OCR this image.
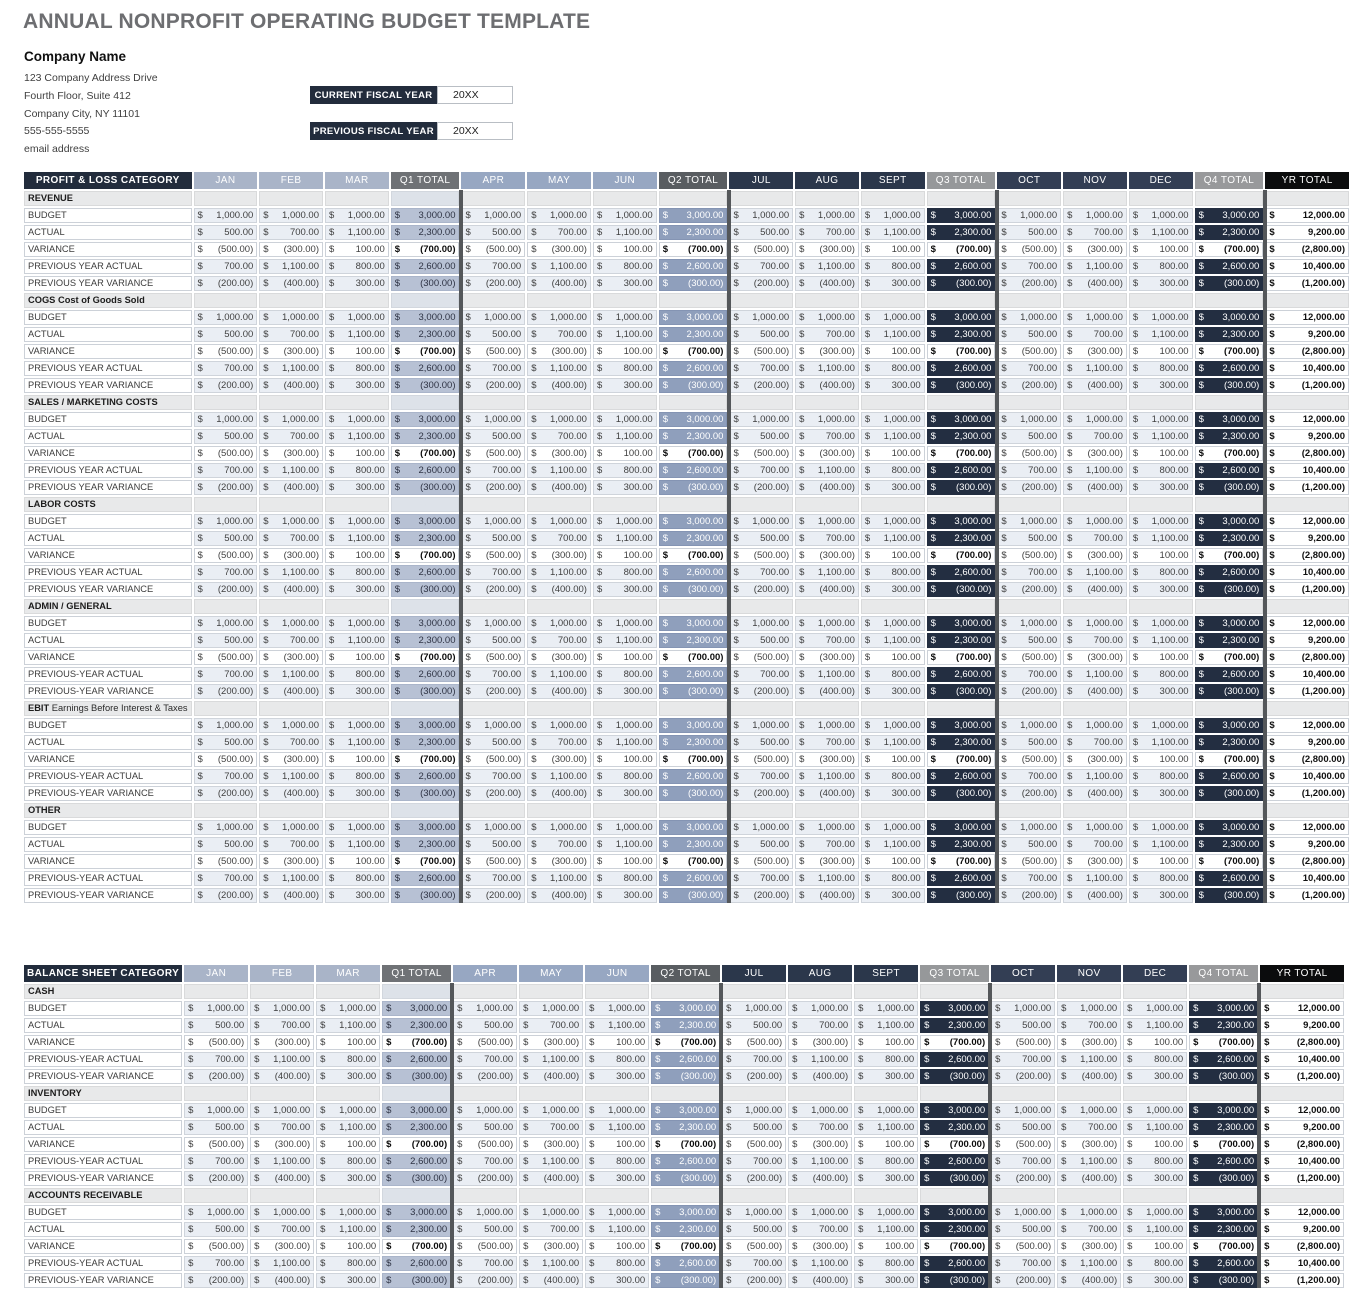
ANNUAL NONPROFIT OPERATING BUDGET TEMPLATE
Company Name
123 Company Address Drive
Fourth Floor, Suite 412
Company City, NY 11101
555-555-5555
email address
CURRENT FISCAL YEAR	20XX
PREVIOUS FISCAL YEAR	20XX
PROFIT & LOSS CATEGORY	JAN	FEB	MAR	Q1 TOTAL	APR	MAY	JUN	Q2 TOTAL	JUL	AUG	SEPT	Q3 TOTAL	OCT	NOV	DEC	Q4 TOTAL	YR TOTAL
REVENUE																	
BUDGET	$ 1,000.00	$ 1,000.00	$ 1,000.00	$ 3,000.00	$ 1,000.00	$ 1,000.00	$ 1,000.00	$ 3,000.00	$ 1,000.00	$ 1,000.00	$ 1,000.00	$ 3,000.00	$ 1,000.00	$ 1,000.00	$ 1,000.00	$ 3,000.00	$ 12,000.00

ACTUAL	$ 500.00	$ 700.00	$ 1,100.00	$ 2,300.00	$ 500.00	$ 700.00	$ 1,100.00	$ 2,300.00	$ 500.00	$ 700.00	$ 1,100.00	$ 2,300.00	$ 500.00	$ 700.00	$ 1,100.00	$ 2,300.00	$ 9,200.00

VARIANCE	$ (500.00)	$ (300.00)	$ 100.00	$ (700.00)	$ (500.00)	$ (300.00)	$ 100.00	$ (700.00)	$ (500.00)	$ (300.00)	$ 100.00	$ (700.00)	$ (500.00)	$ (300.00)	$ 100.00	$ (700.00)	$ (2,800.00)

PREVIOUS YEAR ACTUAL	$ 700.00	$ 1,100.00	$ 800.00	$ 2,600.00	$ 700.00	$ 1,100.00	$ 800.00	$ 2,600.00	$ 700.00	$ 1,100.00	$ 800.00	$ 2,600.00	$ 700.00	$ 1,100.00	$ 800.00	$ 2,600.00	$ 10,400.00

PREVIOUS YEAR VARIANCE	$ (200.00)	$ (400.00)	$ 300.00	$ (300.00)	$ (200.00)	$ (400.00)	$ 300.00	$ (300.00)	$ (200.00)	$ (400.00)	$ 300.00	$ (300.00)	$ (200.00)	$ (400.00)	$ 300.00	$ (300.00)	$ (1,200.00)

COGS Cost of Goods Sold																	
BUDGET	$ 1,000.00	$ 1,000.00	$ 1,000.00	$ 3,000.00	$ 1,000.00	$ 1,000.00	$ 1,000.00	$ 3,000.00	$ 1,000.00	$ 1,000.00	$ 1,000.00	$ 3,000.00	$ 1,000.00	$ 1,000.00	$ 1,000.00	$ 3,000.00	$ 12,000.00

ACTUAL	$ 500.00	$ 700.00	$ 1,100.00	$ 2,300.00	$ 500.00	$ 700.00	$ 1,100.00	$ 2,300.00	$ 500.00	$ 700.00	$ 1,100.00	$ 2,300.00	$ 500.00	$ 700.00	$ 1,100.00	$ 2,300.00	$ 9,200.00

VARIANCE	$ (500.00)	$ (300.00)	$ 100.00	$ (700.00)	$ (500.00)	$ (300.00)	$ 100.00	$ (700.00)	$ (500.00)	$ (300.00)	$ 100.00	$ (700.00)	$ (500.00)	$ (300.00)	$ 100.00	$ (700.00)	$ (2,800.00)

PREVIOUS YEAR ACTUAL	$ 700.00	$ 1,100.00	$ 800.00	$ 2,600.00	$ 700.00	$ 1,100.00	$ 800.00	$ 2,600.00	$ 700.00	$ 1,100.00	$ 800.00	$ 2,600.00	$ 700.00	$ 1,100.00	$ 800.00	$ 2,600.00	$ 10,400.00

PREVIOUS YEAR VARIANCE	$ (200.00)	$ (400.00)	$ 300.00	$ (300.00)	$ (200.00)	$ (400.00)	$ 300.00	$ (300.00)	$ (200.00)	$ (400.00)	$ 300.00	$ (300.00)	$ (200.00)	$ (400.00)	$ 300.00	$ (300.00)	$ (1,200.00)

SALES / MARKETING COSTS																	
BUDGET	$ 1,000.00	$ 1,000.00	$ 1,000.00	$ 3,000.00	$ 1,000.00	$ 1,000.00	$ 1,000.00	$ 3,000.00	$ 1,000.00	$ 1,000.00	$ 1,000.00	$ 3,000.00	$ 1,000.00	$ 1,000.00	$ 1,000.00	$ 3,000.00	$ 12,000.00

ACTUAL	$ 500.00	$ 700.00	$ 1,100.00	$ 2,300.00	$ 500.00	$ 700.00	$ 1,100.00	$ 2,300.00	$ 500.00	$ 700.00	$ 1,100.00	$ 2,300.00	$ 500.00	$ 700.00	$ 1,100.00	$ 2,300.00	$ 9,200.00

VARIANCE	$ (500.00)	$ (300.00)	$ 100.00	$ (700.00)	$ (500.00)	$ (300.00)	$ 100.00	$ (700.00)	$ (500.00)	$ (300.00)	$ 100.00	$ (700.00)	$ (500.00)	$ (300.00)	$ 100.00	$ (700.00)	$ (2,800.00)

PREVIOUS YEAR ACTUAL	$ 700.00	$ 1,100.00	$ 800.00	$ 2,600.00	$ 700.00	$ 1,100.00	$ 800.00	$ 2,600.00	$ 700.00	$ 1,100.00	$ 800.00	$ 2,600.00	$ 700.00	$ 1,100.00	$ 800.00	$ 2,600.00	$ 10,400.00

PREVIOUS YEAR VARIANCE	$ (200.00)	$ (400.00)	$ 300.00	$ (300.00)	$ (200.00)	$ (400.00)	$ 300.00	$ (300.00)	$ (200.00)	$ (400.00)	$ 300.00	$ (300.00)	$ (200.00)	$ (400.00)	$ 300.00	$ (300.00)	$ (1,200.00)

LABOR COSTS																	
BUDGET	$ 1,000.00	$ 1,000.00	$ 1,000.00	$ 3,000.00	$ 1,000.00	$ 1,000.00	$ 1,000.00	$ 3,000.00	$ 1,000.00	$ 1,000.00	$ 1,000.00	$ 3,000.00	$ 1,000.00	$ 1,000.00	$ 1,000.00	$ 3,000.00	$ 12,000.00

ACTUAL	$ 500.00	$ 700.00	$ 1,100.00	$ 2,300.00	$ 500.00	$ 700.00	$ 1,100.00	$ 2,300.00	$ 500.00	$ 700.00	$ 1,100.00	$ 2,300.00	$ 500.00	$ 700.00	$ 1,100.00	$ 2,300.00	$ 9,200.00

VARIANCE	$ (500.00)	$ (300.00)	$ 100.00	$ (700.00)	$ (500.00)	$ (300.00)	$ 100.00	$ (700.00)	$ (500.00)	$ (300.00)	$ 100.00	$ (700.00)	$ (500.00)	$ (300.00)	$ 100.00	$ (700.00)	$ (2,800.00)

PREVIOUS YEAR ACTUAL	$ 700.00	$ 1,100.00	$ 800.00	$ 2,600.00	$ 700.00	$ 1,100.00	$ 800.00	$ 2,600.00	$ 700.00	$ 1,100.00	$ 800.00	$ 2,600.00	$ 700.00	$ 1,100.00	$ 800.00	$ 2,600.00	$ 10,400.00

PREVIOUS YEAR VARIANCE	$ (200.00)	$ (400.00)	$ 300.00	$ (300.00)	$ (200.00)	$ (400.00)	$ 300.00	$ (300.00)	$ (200.00)	$ (400.00)	$ 300.00	$ (300.00)	$ (200.00)	$ (400.00)	$ 300.00	$ (300.00)	$ (1,200.00)

ADMIN / GENERAL																	
BUDGET	$ 1,000.00	$ 1,000.00	$ 1,000.00	$ 3,000.00	$ 1,000.00	$ 1,000.00	$ 1,000.00	$ 3,000.00	$ 1,000.00	$ 1,000.00	$ 1,000.00	$ 3,000.00	$ 1,000.00	$ 1,000.00	$ 1,000.00	$ 3,000.00	$ 12,000.00

ACTUAL	$ 500.00	$ 700.00	$ 1,100.00	$ 2,300.00	$ 500.00	$ 700.00	$ 1,100.00	$ 2,300.00	$ 500.00	$ 700.00	$ 1,100.00	$ 2,300.00	$ 500.00	$ 700.00	$ 1,100.00	$ 2,300.00	$ 9,200.00

VARIANCE	$ (500.00)	$ (300.00)	$ 100.00	$ (700.00)	$ (500.00)	$ (300.00)	$ 100.00	$ (700.00)	$ (500.00)	$ (300.00)	$ 100.00	$ (700.00)	$ (500.00)	$ (300.00)	$ 100.00	$ (700.00)	$ (2,800.00)

PREVIOUS-YEAR ACTUAL	$ 700.00	$ 1,100.00	$ 800.00	$ 2,600.00	$ 700.00	$ 1,100.00	$ 800.00	$ 2,600.00	$ 700.00	$ 1,100.00	$ 800.00	$ 2,600.00	$ 700.00	$ 1,100.00	$ 800.00	$ 2,600.00	$ 10,400.00

PREVIOUS-YEAR VARIANCE	$ (200.00)	$ (400.00)	$ 300.00	$ (300.00)	$ (200.00)	$ (400.00)	$ 300.00	$ (300.00)	$ (200.00)	$ (400.00)	$ 300.00	$ (300.00)	$ (200.00)	$ (400.00)	$ 300.00	$ (300.00)	$ (1,200.00)

EBIT Earnings Before Interest & Taxes																	
BUDGET	$ 1,000.00	$ 1,000.00	$ 1,000.00	$ 3,000.00	$ 1,000.00	$ 1,000.00	$ 1,000.00	$ 3,000.00	$ 1,000.00	$ 1,000.00	$ 1,000.00	$ 3,000.00	$ 1,000.00	$ 1,000.00	$ 1,000.00	$ 3,000.00	$ 12,000.00

ACTUAL	$ 500.00	$ 700.00	$ 1,100.00	$ 2,300.00	$ 500.00	$ 700.00	$ 1,100.00	$ 2,300.00	$ 500.00	$ 700.00	$ 1,100.00	$ 2,300.00	$ 500.00	$ 700.00	$ 1,100.00	$ 2,300.00	$ 9,200.00

VARIANCE	$ (500.00)	$ (300.00)	$ 100.00	$ (700.00)	$ (500.00)	$ (300.00)	$ 100.00	$ (700.00)	$ (500.00)	$ (300.00)	$ 100.00	$ (700.00)	$ (500.00)	$ (300.00)	$ 100.00	$ (700.00)	$ (2,800.00)

PREVIOUS-YEAR ACTUAL	$ 700.00	$ 1,100.00	$ 800.00	$ 2,600.00	$ 700.00	$ 1,100.00	$ 800.00	$ 2,600.00	$ 700.00	$ 1,100.00	$ 800.00	$ 2,600.00	$ 700.00	$ 1,100.00	$ 800.00	$ 2,600.00	$ 10,400.00

PREVIOUS-YEAR VARIANCE	$ (200.00)	$ (400.00)	$ 300.00	$ (300.00)	$ (200.00)	$ (400.00)	$ 300.00	$ (300.00)	$ (200.00)	$ (400.00)	$ 300.00	$ (300.00)	$ (200.00)	$ (400.00)	$ 300.00	$ (300.00)	$ (1,200.00)

OTHER																	
BUDGET	$ 1,000.00	$ 1,000.00	$ 1,000.00	$ 3,000.00	$ 1,000.00	$ 1,000.00	$ 1,000.00	$ 3,000.00	$ 1,000.00	$ 1,000.00	$ 1,000.00	$ 3,000.00	$ 1,000.00	$ 1,000.00	$ 1,000.00	$ 3,000.00	$ 12,000.00

ACTUAL	$ 500.00	$ 700.00	$ 1,100.00	$ 2,300.00	$ 500.00	$ 700.00	$ 1,100.00	$ 2,300.00	$ 500.00	$ 700.00	$ 1,100.00	$ 2,300.00	$ 500.00	$ 700.00	$ 1,100.00	$ 2,300.00	$ 9,200.00

VARIANCE	$ (500.00)	$ (300.00)	$ 100.00	$ (700.00)	$ (500.00)	$ (300.00)	$ 100.00	$ (700.00)	$ (500.00)	$ (300.00)	$ 100.00	$ (700.00)	$ (500.00)	$ (300.00)	$ 100.00	$ (700.00)	$ (2,800.00)

PREVIOUS-YEAR ACTUAL	$ 700.00	$ 1,100.00	$ 800.00	$ 2,600.00	$ 700.00	$ 1,100.00	$ 800.00	$ 2,600.00	$ 700.00	$ 1,100.00	$ 800.00	$ 2,600.00	$ 700.00	$ 1,100.00	$ 800.00	$ 2,600.00	$ 10,400.00

PREVIOUS-YEAR VARIANCE	$ (200.00)	$ (400.00)	$ 300.00	$ (300.00)	$ (200.00)	$ (400.00)	$ 300.00	$ (300.00)	$ (200.00)	$ (400.00)	$ 300.00	$ (300.00)	$ (200.00)	$ (400.00)	$ 300.00	$ (300.00)	$ (1,200.00)
BALANCE SHEET CATEGORY	JAN	FEB	MAR	Q1 TOTAL	APR	MAY	JUN	Q2 TOTAL	JUL	AUG	SEPT	Q3 TOTAL	OCT	NOV	DEC	Q4 TOTAL	YR TOTAL
CASH																	
BUDGET	$ 1,000.00	$ 1,000.00	$ 1,000.00	$ 3,000.00	$ 1,000.00	$ 1,000.00	$ 1,000.00	$ 3,000.00	$ 1,000.00	$ 1,000.00	$ 1,000.00	$ 3,000.00	$ 1,000.00	$ 1,000.00	$ 1,000.00	$ 3,000.00	$ 12,000.00

ACTUAL	$ 500.00	$ 700.00	$ 1,100.00	$ 2,300.00	$ 500.00	$ 700.00	$ 1,100.00	$ 2,300.00	$ 500.00	$ 700.00	$ 1,100.00	$ 2,300.00	$ 500.00	$ 700.00	$ 1,100.00	$ 2,300.00	$ 9,200.00

VARIANCE	$ (500.00)	$ (300.00)	$ 100.00	$ (700.00)	$ (500.00)	$ (300.00)	$ 100.00	$ (700.00)	$ (500.00)	$ (300.00)	$ 100.00	$ (700.00)	$ (500.00)	$ (300.00)	$ 100.00	$ (700.00)	$ (2,800.00)

PREVIOUS-YEAR ACTUAL	$ 700.00	$ 1,100.00	$ 800.00	$ 2,600.00	$ 700.00	$ 1,100.00	$ 800.00	$ 2,600.00	$ 700.00	$ 1,100.00	$ 800.00	$ 2,600.00	$ 700.00	$ 1,100.00	$ 800.00	$ 2,600.00	$ 10,400.00

PREVIOUS-YEAR VARIANCE	$ (200.00)	$ (400.00)	$ 300.00	$ (300.00)	$ (200.00)	$ (400.00)	$ 300.00	$ (300.00)	$ (200.00)	$ (400.00)	$ 300.00	$ (300.00)	$ (200.00)	$ (400.00)	$ 300.00	$ (300.00)	$ (1,200.00)

INVENTORY																	
BUDGET	$ 1,000.00	$ 1,000.00	$ 1,000.00	$ 3,000.00	$ 1,000.00	$ 1,000.00	$ 1,000.00	$ 3,000.00	$ 1,000.00	$ 1,000.00	$ 1,000.00	$ 3,000.00	$ 1,000.00	$ 1,000.00	$ 1,000.00	$ 3,000.00	$ 12,000.00

ACTUAL	$ 500.00	$ 700.00	$ 1,100.00	$ 2,300.00	$ 500.00	$ 700.00	$ 1,100.00	$ 2,300.00	$ 500.00	$ 700.00	$ 1,100.00	$ 2,300.00	$ 500.00	$ 700.00	$ 1,100.00	$ 2,300.00	$ 9,200.00

VARIANCE	$ (500.00)	$ (300.00)	$ 100.00	$ (700.00)	$ (500.00)	$ (300.00)	$ 100.00	$ (700.00)	$ (500.00)	$ (300.00)	$ 100.00	$ (700.00)	$ (500.00)	$ (300.00)	$ 100.00	$ (700.00)	$ (2,800.00)

PREVIOUS-YEAR ACTUAL	$ 700.00	$ 1,100.00	$ 800.00	$ 2,600.00	$ 700.00	$ 1,100.00	$ 800.00	$ 2,600.00	$ 700.00	$ 1,100.00	$ 800.00	$ 2,600.00	$ 700.00	$ 1,100.00	$ 800.00	$ 2,600.00	$ 10,400.00

PREVIOUS-YEAR VARIANCE	$ (200.00)	$ (400.00)	$ 300.00	$ (300.00)	$ (200.00)	$ (400.00)	$ 300.00	$ (300.00)	$ (200.00)	$ (400.00)	$ 300.00	$ (300.00)	$ (200.00)	$ (400.00)	$ 300.00	$ (300.00)	$ (1,200.00)

ACCOUNTS RECEIVABLE																	
BUDGET	$ 1,000.00	$ 1,000.00	$ 1,000.00	$ 3,000.00	$ 1,000.00	$ 1,000.00	$ 1,000.00	$ 3,000.00	$ 1,000.00	$ 1,000.00	$ 1,000.00	$ 3,000.00	$ 1,000.00	$ 1,000.00	$ 1,000.00	$ 3,000.00	$ 12,000.00

ACTUAL	$ 500.00	$ 700.00	$ 1,100.00	$ 2,300.00	$ 500.00	$ 700.00	$ 1,100.00	$ 2,300.00	$ 500.00	$ 700.00	$ 1,100.00	$ 2,300.00	$ 500.00	$ 700.00	$ 1,100.00	$ 2,300.00	$ 9,200.00

VARIANCE	$ (500.00)	$ (300.00)	$ 100.00	$ (700.00)	$ (500.00)	$ (300.00)	$ 100.00	$ (700.00)	$ (500.00)	$ (300.00)	$ 100.00	$ (700.00)	$ (500.00)	$ (300.00)	$ 100.00	$ (700.00)	$ (2,800.00)

PREVIOUS-YEAR ACTUAL	$ 700.00	$ 1,100.00	$ 800.00	$ 2,600.00	$ 700.00	$ 1,100.00	$ 800.00	$ 2,600.00	$ 700.00	$ 1,100.00	$ 800.00	$ 2,600.00	$ 700.00	$ 1,100.00	$ 800.00	$ 2,600.00	$ 10,400.00

PREVIOUS-YEAR VARIANCE	$ (200.00)	$ (400.00)	$ 300.00	$ (300.00)	$ (200.00)	$ (400.00)	$ 300.00	$ (300.00)	$ (200.00)	$ (400.00)	$ 300.00	$ (300.00)	$ (200.00)	$ (400.00)	$ 300.00	$ (300.00)	$ (1,200.00)
